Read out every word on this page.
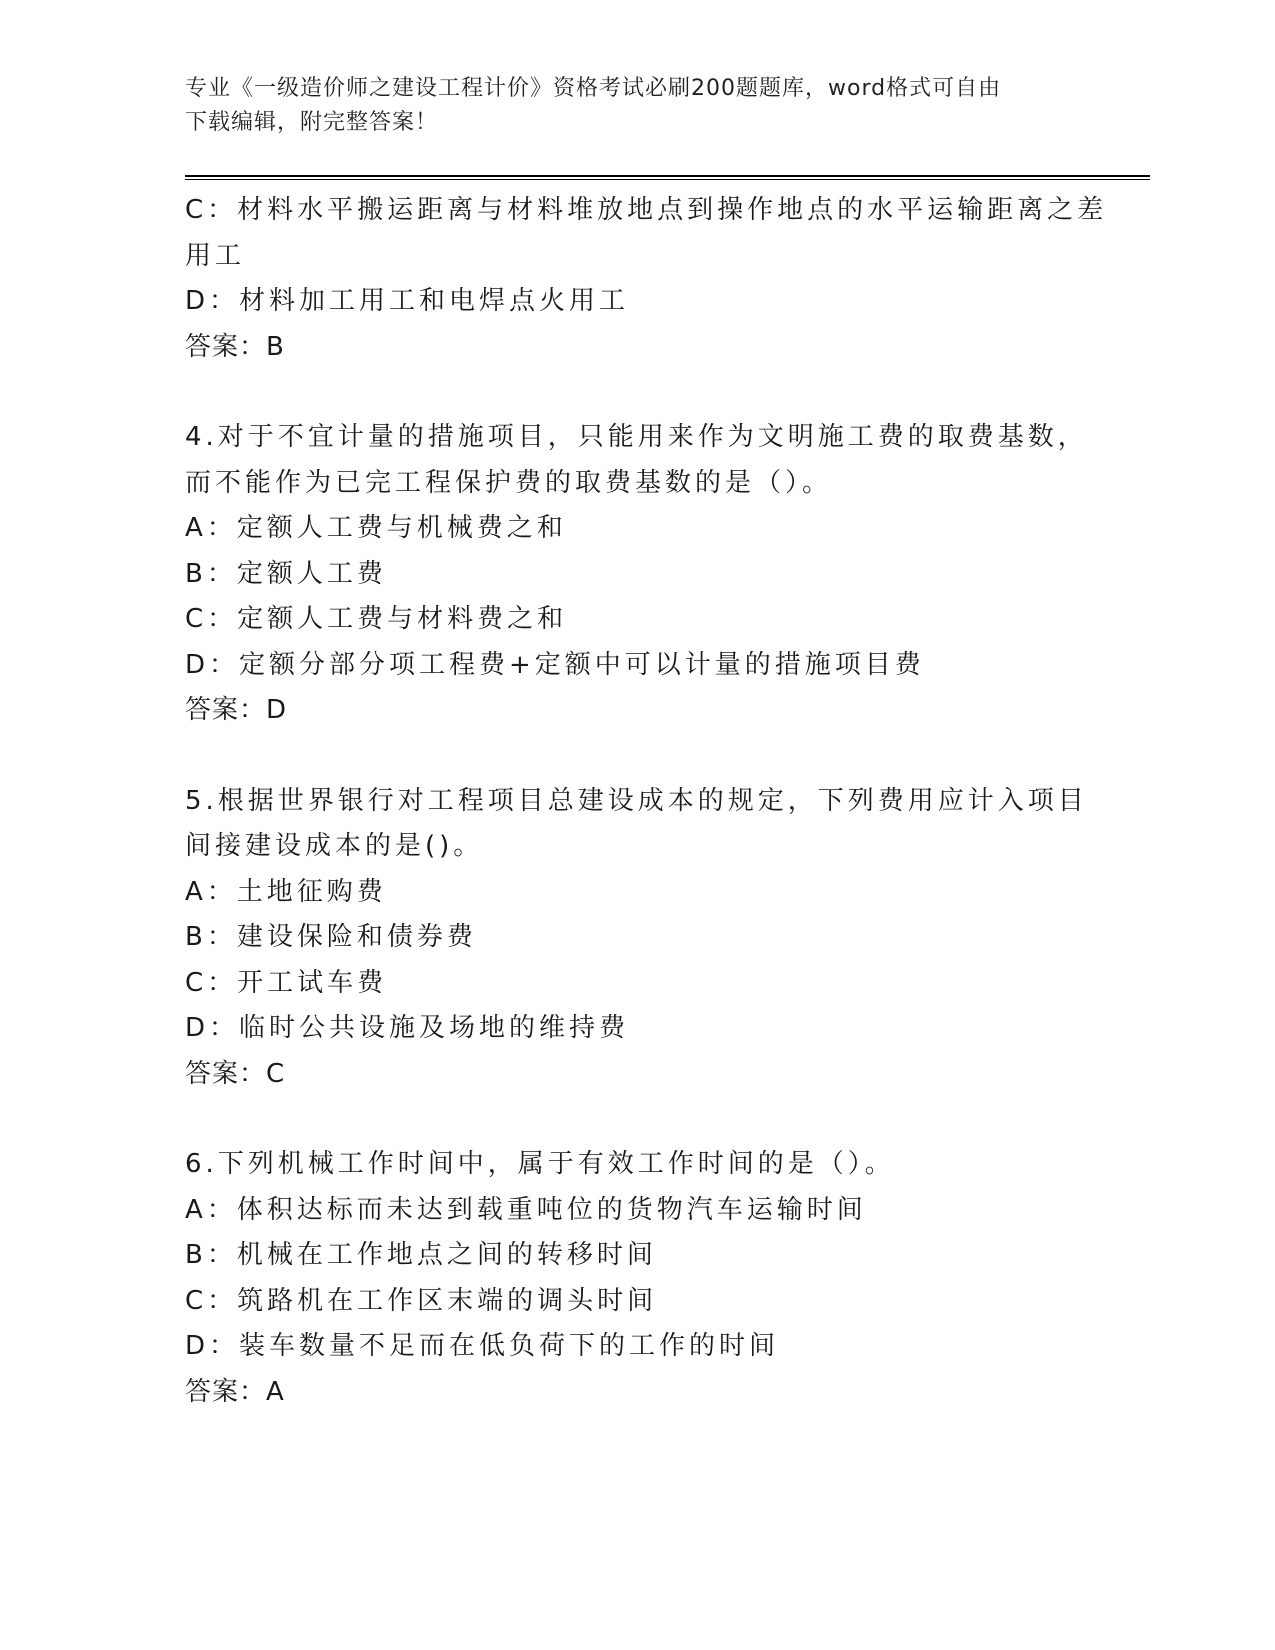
专业《一级造价师之建设工程计价》资格考试必刷200题题库，word格式可自由
下载编辑，附完整答案！
C：材料水平搬运距离与材料堆放地点到操作地点的水平运输距离之差
用工
D：材料加工用工和电焊点火用工
答案：B
4.对于不宜计量的措施项目，只能用来作为文明施工费的取费基数，
而不能作为已完工程保护费的取费基数的是（）。
A：定额人工费与机械费之和
B：定额人工费
C：定额人工费与材料费之和
D：定额分部分项工程费+定额中可以计量的措施项目费
答案：D
5.根据世界银行对工程项目总建设成本的规定，下列费用应计入项目
间接建设成本的是()。
A：土地征购费
B：建设保险和债券费
C：开工试车费
D：临时公共设施及场地的维持费
答案：C
6.下列机械工作时间中，属于有效工作时间的是（）。
A：体积达标而未达到载重吨位的货物汽车运输时间
B：机械在工作地点之间的转移时间
C：筑路机在工作区末端的调头时间
D：装车数量不足而在低负荷下的工作的时间
答案：A
